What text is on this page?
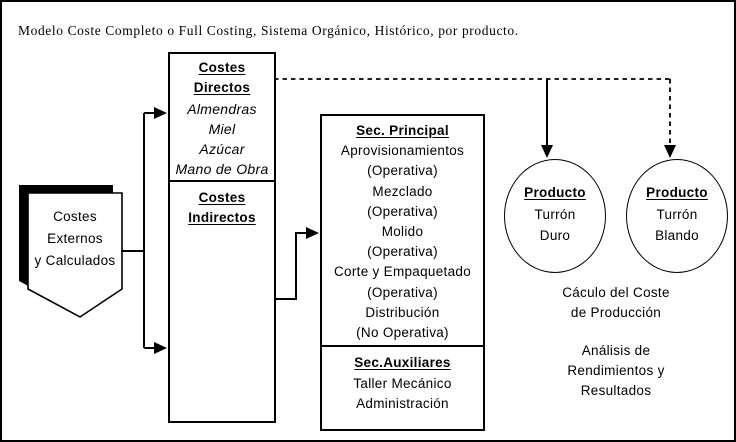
Modelo Coste Completo o Full Costing, Sistema Orgánico, Histórico, por producto.
Costes
Externos
y Calculados
Costes
Directos
Almendras
Miel
Azúcar
Mano de Obra
Costes
Indirectos
Sec. Principal
Aprovisionamientos
(Operativa)
Mezclado
(Operativa)
Molido
(Operativa)
Corte y Empaquetado
(Operativa)
Distribución
(No Operativa)
Sec.Auxiliares
Taller Mecánico
Administración
Producto
Turrón
Duro
Producto
Turrón
Blando
Cáculo del Coste
de Producción
Análisis de
Rendimientos y
Resultados
